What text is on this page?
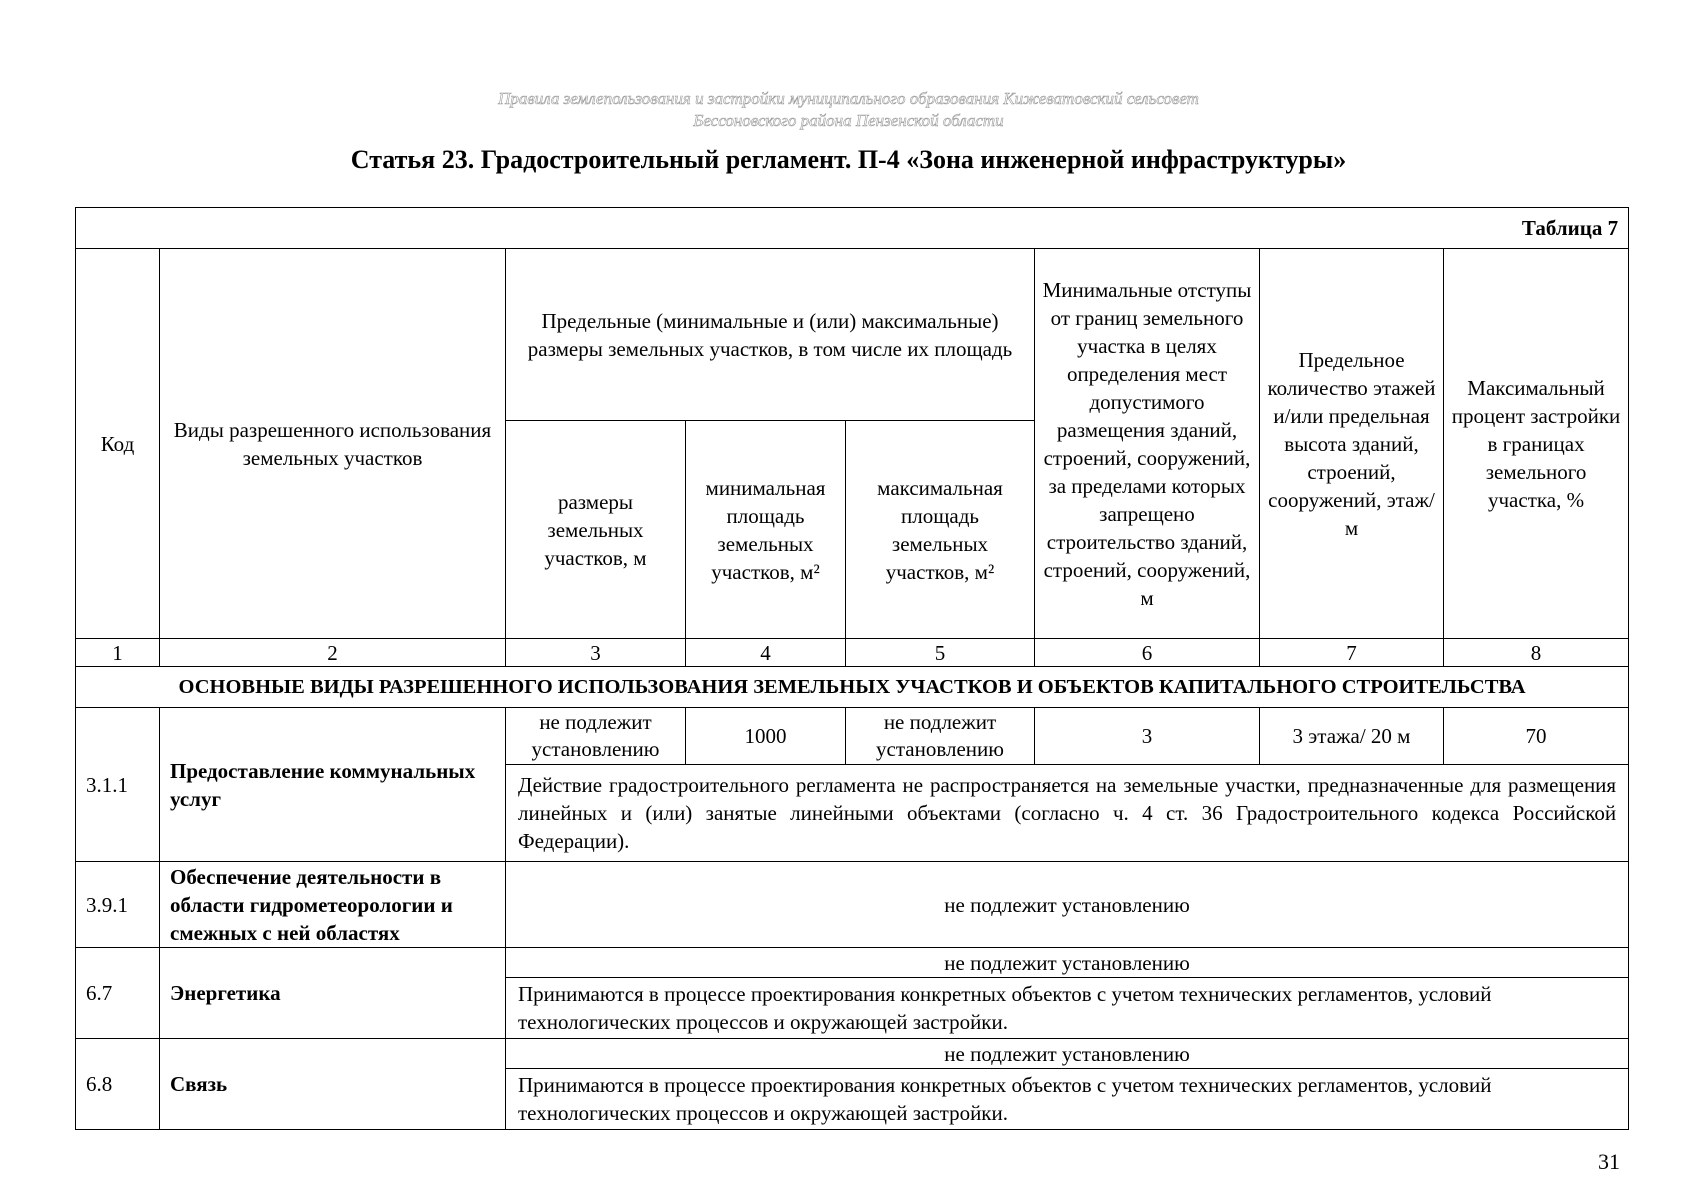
Правила землепользования и застройки муниципального образования Кижеватовский сельсовет
Бессоновского района Пензенской области
Статья 23. Градостроительный регламент. П-4 «Зона инженерной инфраструктуры»
Таблица 7							
Код	Виды разрешенного использования земельных участков	Предельные (минимальные и (или) максимальные) размеры земельных участков, в том числе их площадь			Минимальные отступы от границ земельного участка в целях определения мест допустимого размещения зданий, строений, сооружений, за пределами которых запрещено строительство зданий, строений, сооружений, м	Предельное количество этажей и/или предельная высота зданий, строений, сооружений, этаж/м	Максимальный процент застройки в границах земельного участка, %
		размеры земельных участков, м	минимальная площадь земельных участков, м²	максимальная площадь земельных участков, м²			
1	2	3	4	5	6	7	8
ОСНОВНЫЕ ВИДЫ РАЗРЕШЕННОГО ИСПОЛЬЗОВАНИЯ ЗЕМЕЛЬНЫХ УЧАСТКОВ И ОБЪЕКТОВ КАПИТАЛЬНОГО СТРОИТЕЛЬСТВА							
3.1.1	Предоставление коммунальных услуг	не подлежит установлению	1000	не подлежит установлению	3	3 этажа/ 20 м	70
		Действие градостроительного регламента не распространяется на земельные участки, предназначенные для размещения линейных и (или) занятые линейными объектами (согласно ч. 4 ст. 36 Градостроительного кодекса Российской Федерации).					
3.9.1	Обеспечение деятельности в области гидрометеорологии и смежных с ней областях	не подлежит установлению					
6.7	Энергетика	не подлежит установлению					
		Принимаются в процессе проектирования конкретных объектов с учетом технических регламентов, условий технологических процессов и окружающей застройки.					
6.8	Связь	не подлежит установлению					
		Принимаются в процессе проектирования конкретных объектов с учетом технических регламентов, условий технологических процессов и окружающей застройки.					
31
